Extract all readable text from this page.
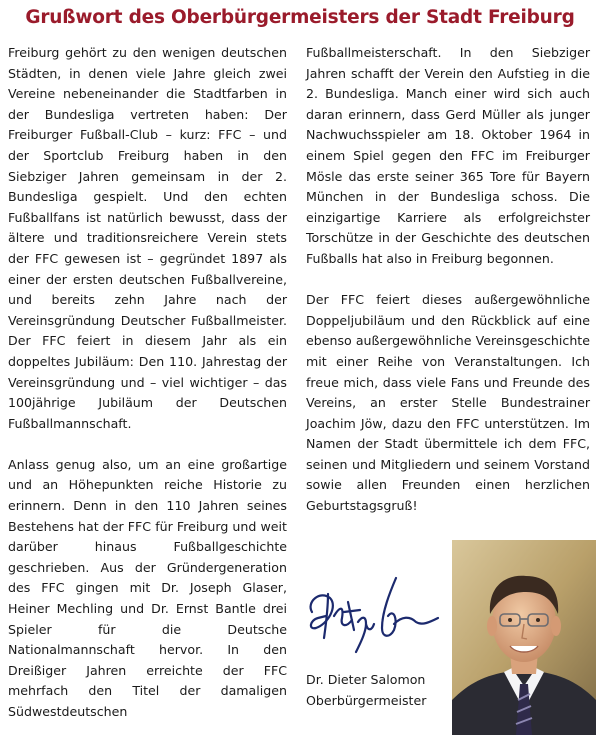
Grußwort des Oberbürgermeisters der Stadt Freiburg

Freiburg gehört zu den wenigen deutschen Städten, in denen viele Jahre gleich zwei Vereine nebeneinander die Stadtfarben in der Bundesliga vertreten haben: Der Freiburger Fußball-Club – kurz: FFC – und der Sportclub Freiburg haben in den Siebziger Jahren gemeinsam in der 2. Bundesliga gespielt. Und den echten Fußballfans ist natürlich bewusst, dass der ältere und traditionsreichere Verein stets der FFC gewesen ist – gegründet 1897 als einer der ersten deutschen Fußballvereine, und bereits zehn Jahre nach der Vereinsgründung Deutscher Fußballmeister. Der FFC feiert in diesem Jahr als ein doppeltes Jubiläum: Den 110. Jahrestag der Vereinsgründung und – viel wichtiger – das 100jährige Jubiläum der Deutschen Fußballmannschaft.

Anlass genug also, um an eine großartige und an Höhepunkten reiche Historie zu erinnern. Denn in den 110 Jahren seines Bestehens hat der FFC für Freiburg und weit darüber hinaus Fußballgeschichte geschrieben. Aus der Gründergeneration des FFC gingen mit Dr. Joseph Glaser, Heiner Mechling und Dr. Ernst Bantle drei Spieler für die Deutsche Nationalmannschaft hervor. In den Dreißiger Jahren erreichte der FFC mehrfach den Titel der damaligen Südwestdeutschen

Fußballmeisterschaft. In den Siebziger Jahren schafft der Verein den Aufstieg in die 2. Bundesliga. Manch einer wird sich auch daran erinnern, dass Gerd Müller als junger Nachwuchsspieler am 18. Oktober 1964 in einem Spiel gegen den FFC im Freiburger Mösle das erste seiner 365 Tore für Bayern München in der Bundesliga schoss. Die einzigartige Karriere als erfolgreichster Torschütze in der Geschichte des deutschen Fußballs hat also in Freiburg begonnen.

Der FFC feiert dieses außergewöhnliche Doppeljubiläum und den Rückblick auf eine ebenso außergewöhnliche Vereinsgeschichte mit einer Reihe von Veranstaltungen. Ich freue mich, dass viele Fans und Freunde des Vereins, an erster Stelle Bundestrainer Joachim Jöw, dazu den FFC unterstützen. Im Namen der Stadt übermittele ich dem FFC, seinen und Mitgliedern und seinem Vorstand sowie allen Freunden einen herzlichen Geburtstagsgruß!

Dr. Dieter Salomon
Oberbürgermeister
